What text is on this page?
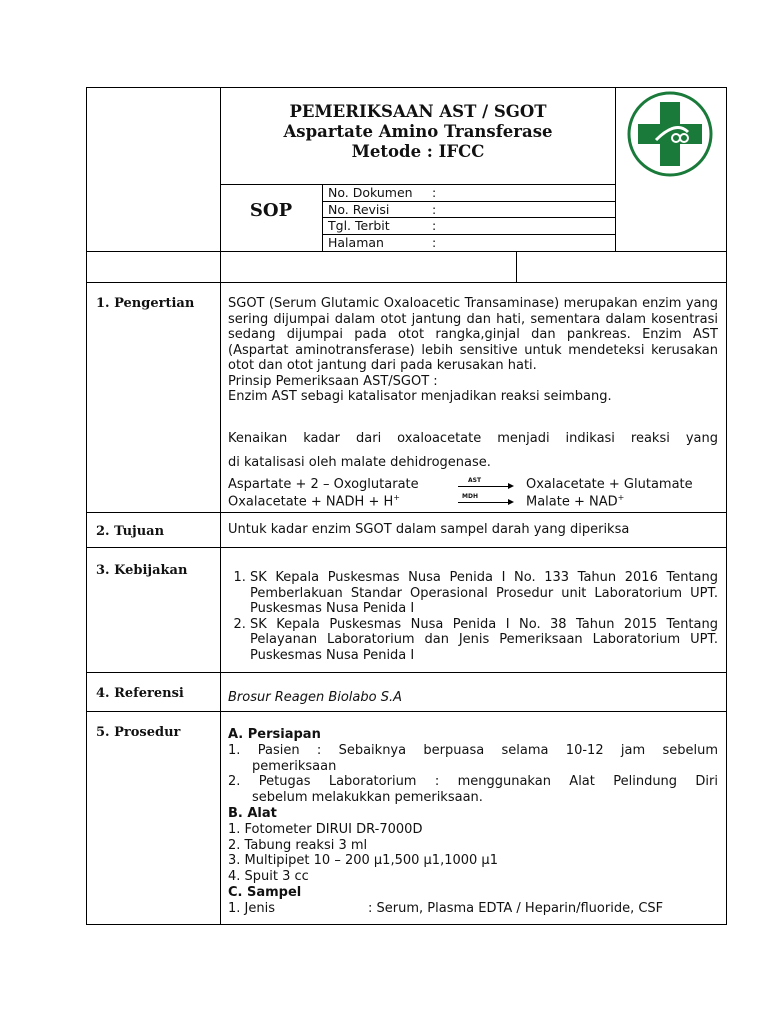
PEMERIKSAAN AST / SGOT
Aspartate Amino Transferase
Metode : IFCC
SOP
No. Dokumen :
No. Revisi	:
Tgl. Terbit	:
Halaman	:
1. Pengertian	SGOT (Serum Glutamic Oxaloacetic Transaminase) merupakan enzim yang sering dijumpai dalam otot jantung dan hati, sementara dalam kosentrasi sedang dijumpai pada otot rangka,ginjal dan pankreas. Enzim AST (Aspartat aminotransferase) lebih sensitive untuk mendeteksi kerusakan otot dan otot jantung dari pada kerusakan hati.

Prinsip Pemeriksaan AST/SGOT :

Enzim AST sebagi katalisator menjadikan reaksi seimbang.

Kenaikan kadar dari oxaloacetate menjadi indikasi reaksi yang
di katalisasi oleh malate dehidrogenase.
Aspartate + 2 – Oxoglutarate	AST	Oxalacetate + Glutamate
Oxalacetate + NADH + H+	MDH	Malate + NAD+
2. Tujuan	Untuk kadar enzim SGOT dalam sampel darah yang diperiksa
3. Kebijakan
1.	SK Kepala Puskesmas Nusa Penida I No. 133 Tahun 2016 Tentang Pemberlakuan Standar Operasional Prosedur unit Laboratorium UPT. Puskesmas Nusa Penida I
2. SK Kepala Puskesmas Nusa Penida I No. 38 Tahun 2015 Tentang Pelayanan Laboratorium dan Jenis Pemeriksaan Laboratorium UPT. Puskesmas Nusa Penida I
4. Referensi	Brosur Reagen Biolabo S.A
5. Prosedur	A. Persiapan
1. Pasien : Sebaiknya berpuasa selama 10-12 jam sebelum
pemeriksaan
2. Petugas Laboratorium : menggunakan Alat Pelindung Diri
sebelum melakukkan pemeriksaan.
B. Alat
1. Fotometer DIRUI DR-7000D
2. Tabung reaksi 3 ml
3. Multipipet 10 – 200 µ1,500 µ1,1000 µ1
4. Spuit 3 cc
C. Sampel
1. Jenis	: Serum, Plasma EDTA / Heparin/fluoride, CSF
